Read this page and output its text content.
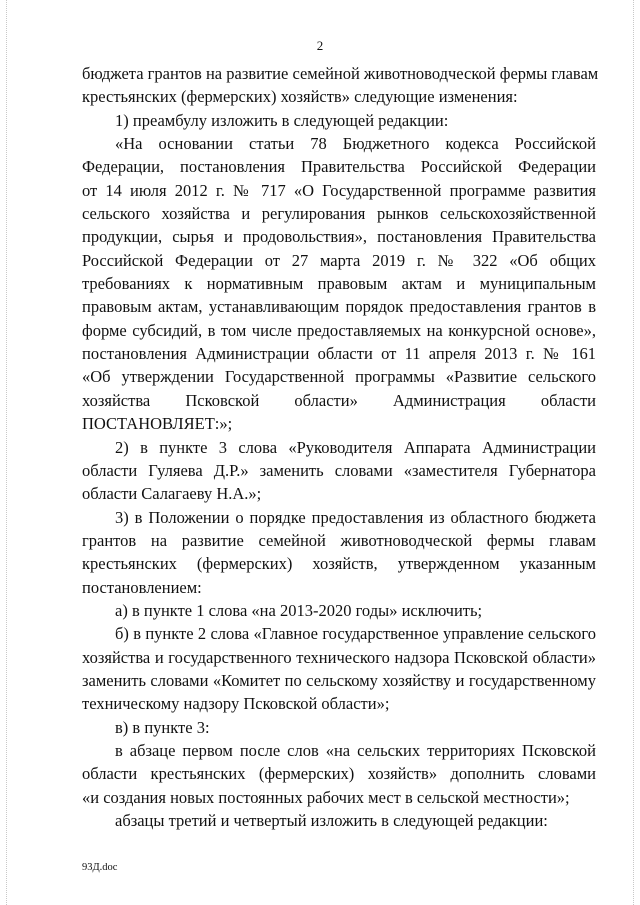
2
бюджета грантов на развитие семейной животноводческой фермы главам
крестьянских (фермерских) хозяйств» следующие изменения:
1) преамбулу изложить в следующей редакции:
«На основании статьи 78 Бюджетного кодекса Российской
Федерации, постановления Правительства Российской Федерации
от 14 июля 2012 г. № 717 «О Государственной программе развития
сельского хозяйства и регулирования рынков сельскохозяйственной
продукции, сырья и продовольствия», постановления Правительства
Российской Федерации от 27 марта 2019 г. № 322 «Об общих
требованиях к нормативным правовым актам и муниципальным
правовым актам, устанавливающим порядок предоставления грантов в
форме субсидий, в том числе предоставляемых на конкурсной основе»,
постановления Администрации области от 11 апреля 2013 г. № 161
«Об утверждении Государственной программы «Развитие сельского
хозяйства Псковской области» Администрация области
ПОСТАНОВЛЯЕТ:»;
2) в пункте 3 слова «Руководителя Аппарата Администрации
области Гуляева Д.Р.» заменить словами «заместителя Губернатора
области Салагаеву Н.А.»;
3) в Положении о порядке предоставления из областного бюджета
грантов на развитие семейной животноводческой фермы главам
крестьянских (фермерских) хозяйств, утвержденном указанным
постановлением:
а) в пункте 1 слова «на 2013-2020 годы» исключить;
б) в пункте 2 слова «Главное государственное управление сельского
хозяйства и государственного технического надзора Псковской области»
заменить словами «Комитет по сельскому хозяйству и государственному
техническому надзору Псковской области»;
в) в пункте 3:
в абзаце первом после слов «на сельских территориях Псковской
области крестьянских (фермерских) хозяйств» дополнить словами
«и создания новых постоянных рабочих мест в сельской местности»;
абзацы третий и четвертый изложить в следующей редакции:
93Д.doc
